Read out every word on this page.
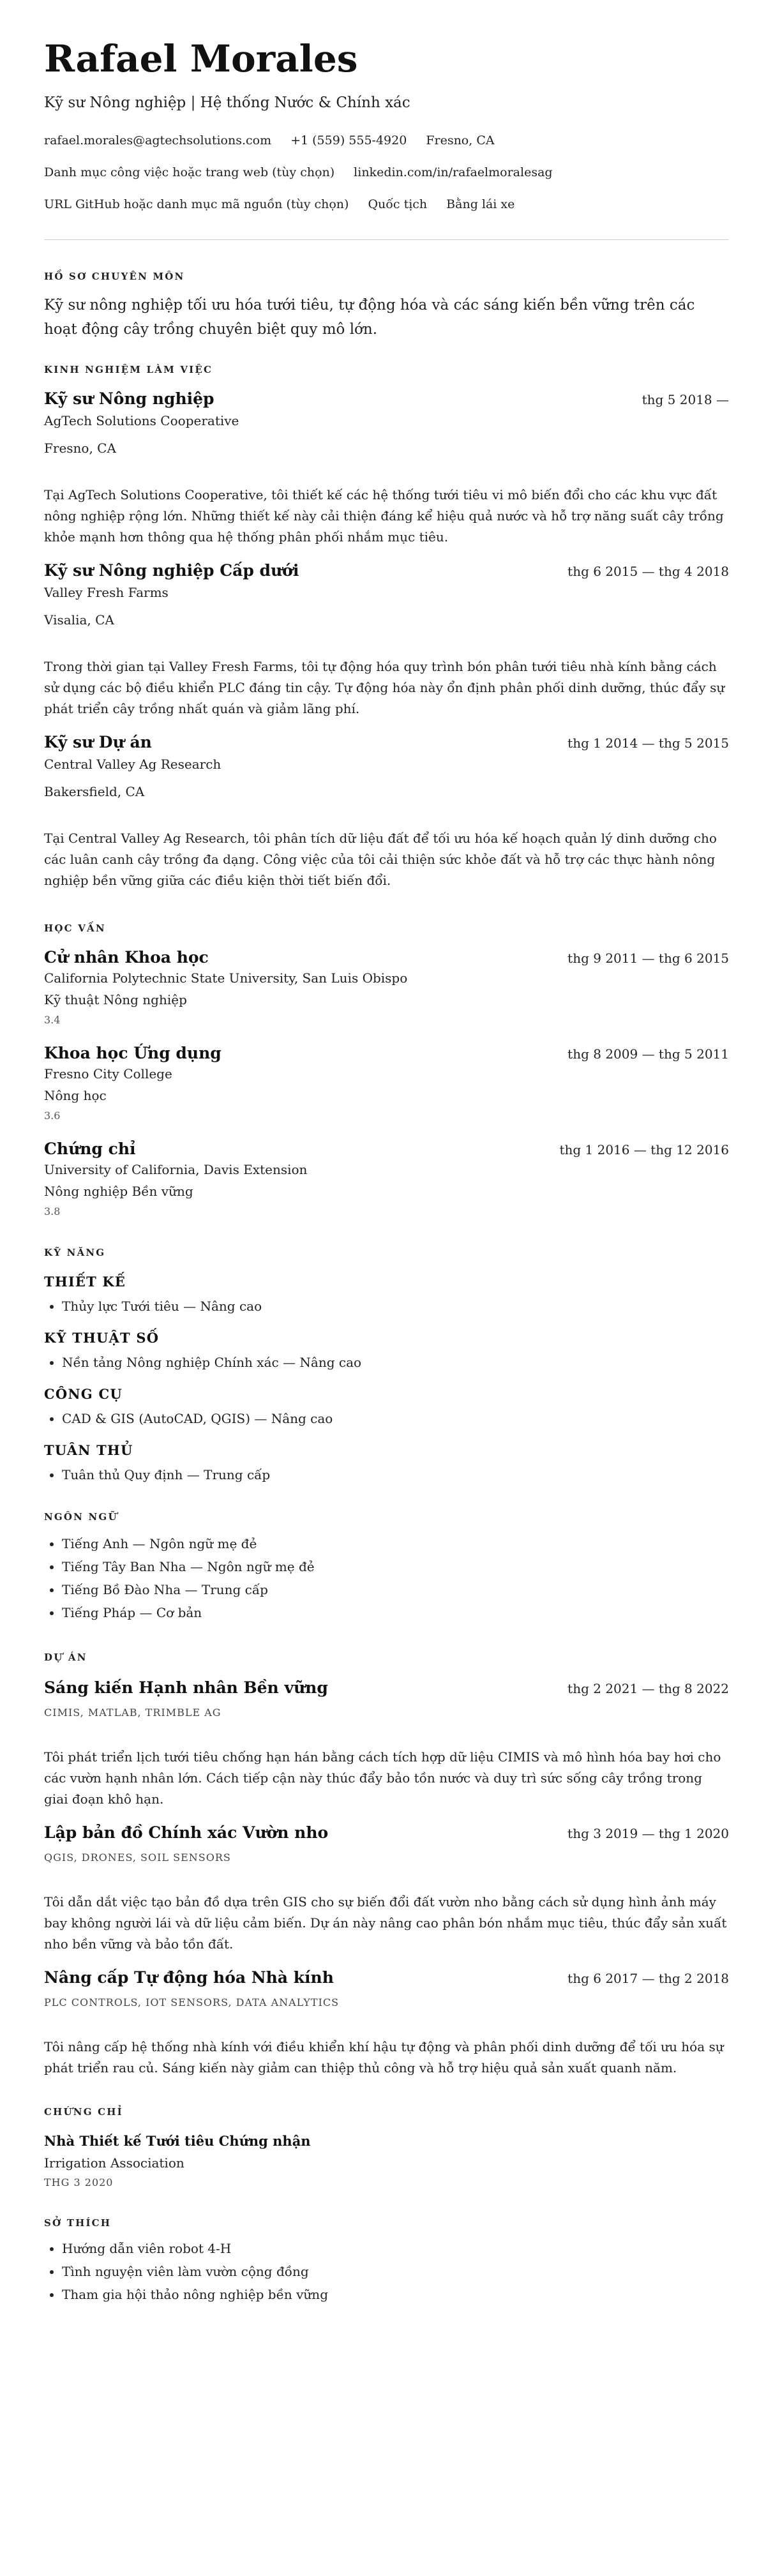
Rafael Morales
Kỹ sư Nông nghiệp | Hệ thống Nước & Chính xác
rafael.morales@agtechsolutions.com +1 (559) 555-4920 Fresno, CA
Danh mục công việc hoặc trang web (tùy chọn) linkedin.com/in/rafaelmoralesag
URL GitHub hoặc danh mục mã nguồn (tùy chọn) Quốc tịch Bằng lái xe
HỒ SƠ CHUYÊN MÔN
Kỹ sư nông nghiệp tối ưu hóa tưới tiêu, tự động hóa và các sáng kiến bền vững trên các hoạt động cây trồng chuyên biệt quy mô lớn.
KINH NGHIỆM LÀM VIỆC
Kỹ sư Nông nghiệp	thg 5 2018 —
AgTech Solutions Cooperative
Fresno, CA
Tại AgTech Solutions Cooperative, tôi thiết kế các hệ thống tưới tiêu vi mô biến đổi cho các khu vực đất nông nghiệp rộng lớn. Những thiết kế này cải thiện đáng kể hiệu quả nước và hỗ trợ năng suất cây trồng khỏe mạnh hơn thông qua hệ thống phân phối nhắm mục tiêu.
Kỹ sư Nông nghiệp Cấp dưới	thg 6 2015 — thg 4 2018
Valley Fresh Farms
Visalia, CA
Trong thời gian tại Valley Fresh Farms, tôi tự động hóa quy trình bón phân tưới tiêu nhà kính bằng cách sử dụng các bộ điều khiển PLC đáng tin cậy. Tự động hóa này ổn định phân phối dinh dưỡng, thúc đẩy sự phát triển cây trồng nhất quán và giảm lãng phí.
Kỹ sư Dự án	thg 1 2014 — thg 5 2015
Central Valley Ag Research
Bakersfield, CA
Tại Central Valley Ag Research, tôi phân tích dữ liệu đất để tối ưu hóa kế hoạch quản lý dinh dưỡng cho các luân canh cây trồng đa dạng. Công việc của tôi cải thiện sức khỏe đất và hỗ trợ các thực hành nông nghiệp bền vững giữa các điều kiện thời tiết biến đổi.
HỌC VẤN
Cử nhân Khoa học	thg 9 2011 — thg 6 2015
California Polytechnic State University, San Luis Obispo
Kỹ thuật Nông nghiệp
3.4
Khoa học Ứng dụng	thg 8 2009 — thg 5 2011
Fresno City College
Nông học
3.6
Chứng chỉ	thg 1 2016 — thg 12 2016
University of California, Davis Extension
Nông nghiệp Bền vững
3.8
KỸ NĂNG
THIẾT KẾ
• Thủy lực Tưới tiêu — Nâng cao
KỸ THUẬT SỐ
• Nền tảng Nông nghiệp Chính xác — Nâng cao
CÔNG CỤ
• CAD & GIS (AutoCAD, QGIS) — Nâng cao
TUÂN THỦ
• Tuân thủ Quy định — Trung cấp
NGÔN NGỮ
• Tiếng Anh — Ngôn ngữ mẹ đẻ
• Tiếng Tây Ban Nha — Ngôn ngữ mẹ đẻ
• Tiếng Bồ Đào Nha — Trung cấp
• Tiếng Pháp — Cơ bản
DỰ ÁN
Sáng kiến Hạnh nhân Bền vững	thg 2 2021 — thg 8 2022
CIMIS, MATLAB, TRIMBLE AG
Tôi phát triển lịch tưới tiêu chống hạn hán bằng cách tích hợp dữ liệu CIMIS và mô hình hóa bay hơi cho các vườn hạnh nhân lớn. Cách tiếp cận này thúc đẩy bảo tồn nước và duy trì sức sống cây trồng trong giai đoạn khô hạn.
Lập bản đồ Chính xác Vườn nho	thg 3 2019 — thg 1 2020
QGIS, DRONES, SOIL SENSORS
Tôi dẫn dắt việc tạo bản đồ dựa trên GIS cho sự biến đổi đất vườn nho bằng cách sử dụng hình ảnh máy bay không người lái và dữ liệu cảm biến. Dự án này nâng cao phân bón nhắm mục tiêu, thúc đẩy sản xuất nho bền vững và bảo tồn đất.
Nâng cấp Tự động hóa Nhà kính	thg 6 2017 — thg 2 2018
PLC CONTROLS, IOT SENSORS, DATA ANALYTICS
Tôi nâng cấp hệ thống nhà kính với điều khiển khí hậu tự động và phân phối dinh dưỡng để tối ưu hóa sự phát triển rau củ. Sáng kiến này giảm can thiệp thủ công và hỗ trợ hiệu quả sản xuất quanh năm.
CHỨNG CHỈ
Nhà Thiết kế Tưới tiêu Chứng nhận
Irrigation Association
THG 3 2020
SỞ THÍCH
• Hướng dẫn viên robot 4-H
• Tình nguyện viên làm vườn cộng đồng
• Tham gia hội thảo nông nghiệp bền vững
